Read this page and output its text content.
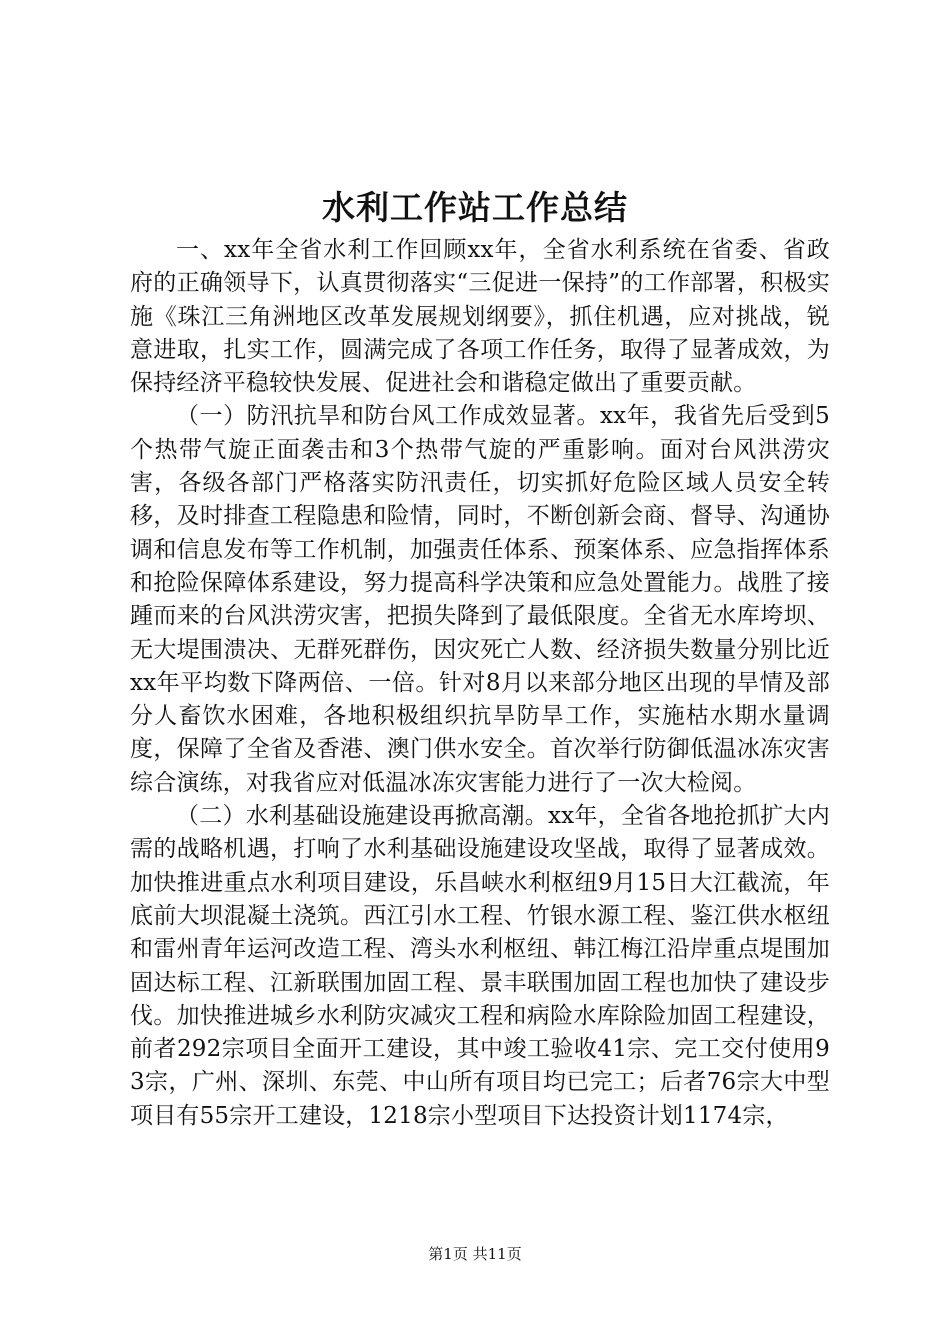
水利工作站工作总结

一、xx年全省水利工作回顾xx年，全省水利系统在省委、省政府的正确领导下，认真贯彻落实“三促进一保持”的工作部署，积极实施《珠江三角洲地区改革发展规划纲要》，抓住机遇，应对挑战，锐意进取，扎实工作，圆满完成了各项工作任务，取得了显著成效，为保持经济平稳较快发展、促进社会和谐稳定做出了重要贡献。

（一）防汛抗旱和防台风工作成效显著。xx年，我省先后受到5个热带气旋正面袭击和3个热带气旋的严重影响。面对台风洪涝灾害，各级各部门严格落实防汛责任，切实抓好危险区域人员安全转移，及时排查工程隐患和险情，同时，不断创新会商、督导、沟通协调和信息发布等工作机制，加强责任体系、预案体系、应急指挥体系和抢险保障体系建设，努力提高科学决策和应急处置能力。战胜了接踵而来的台风洪涝灾害，把损失降到了最低限度。全省无水库垮坝、无大堤围溃决、无群死群伤，因灾死亡人数、经济损失数量分别比近xx年平均数下降两倍、一倍。针对8月以来部分地区出现的旱情及部分人畜饮水困难，各地积极组织抗旱防旱工作，实施枯水期水量调度，保障了全省及香港、澳门供水安全。首次举行防御低温冰冻灾害综合演练，对我省应对低温冰冻灾害能力进行了一次大检阅。

（二）水利基础设施建设再掀高潮。xx年，全省各地抢抓扩大内需的战略机遇，打响了水利基础设施建设攻坚战，取得了显著成效。加快推进重点水利项目建设，乐昌峡水利枢纽9月15日大江截流，年底前大坝混凝土浇筑。西江引水工程、竹银水源工程、鉴江供水枢纽和雷州青年运河改造工程、湾头水利枢纽、韩江梅江沿岸重点堤围加固达标工程、江新联围加固工程、景丰联围加固工程也加快了建设步伐。加快推进城乡水利防灾减灾工程和病险水库除险加固工程建设，前者292宗项目全面开工建设，其中竣工验收41宗、完工交付使用93宗，广州、深圳、东莞、中山所有项目均已完工；后者76宗大中型项目有55宗开工建设，1218宗小型项目下达投资计划1174宗，

第1页 共11页
